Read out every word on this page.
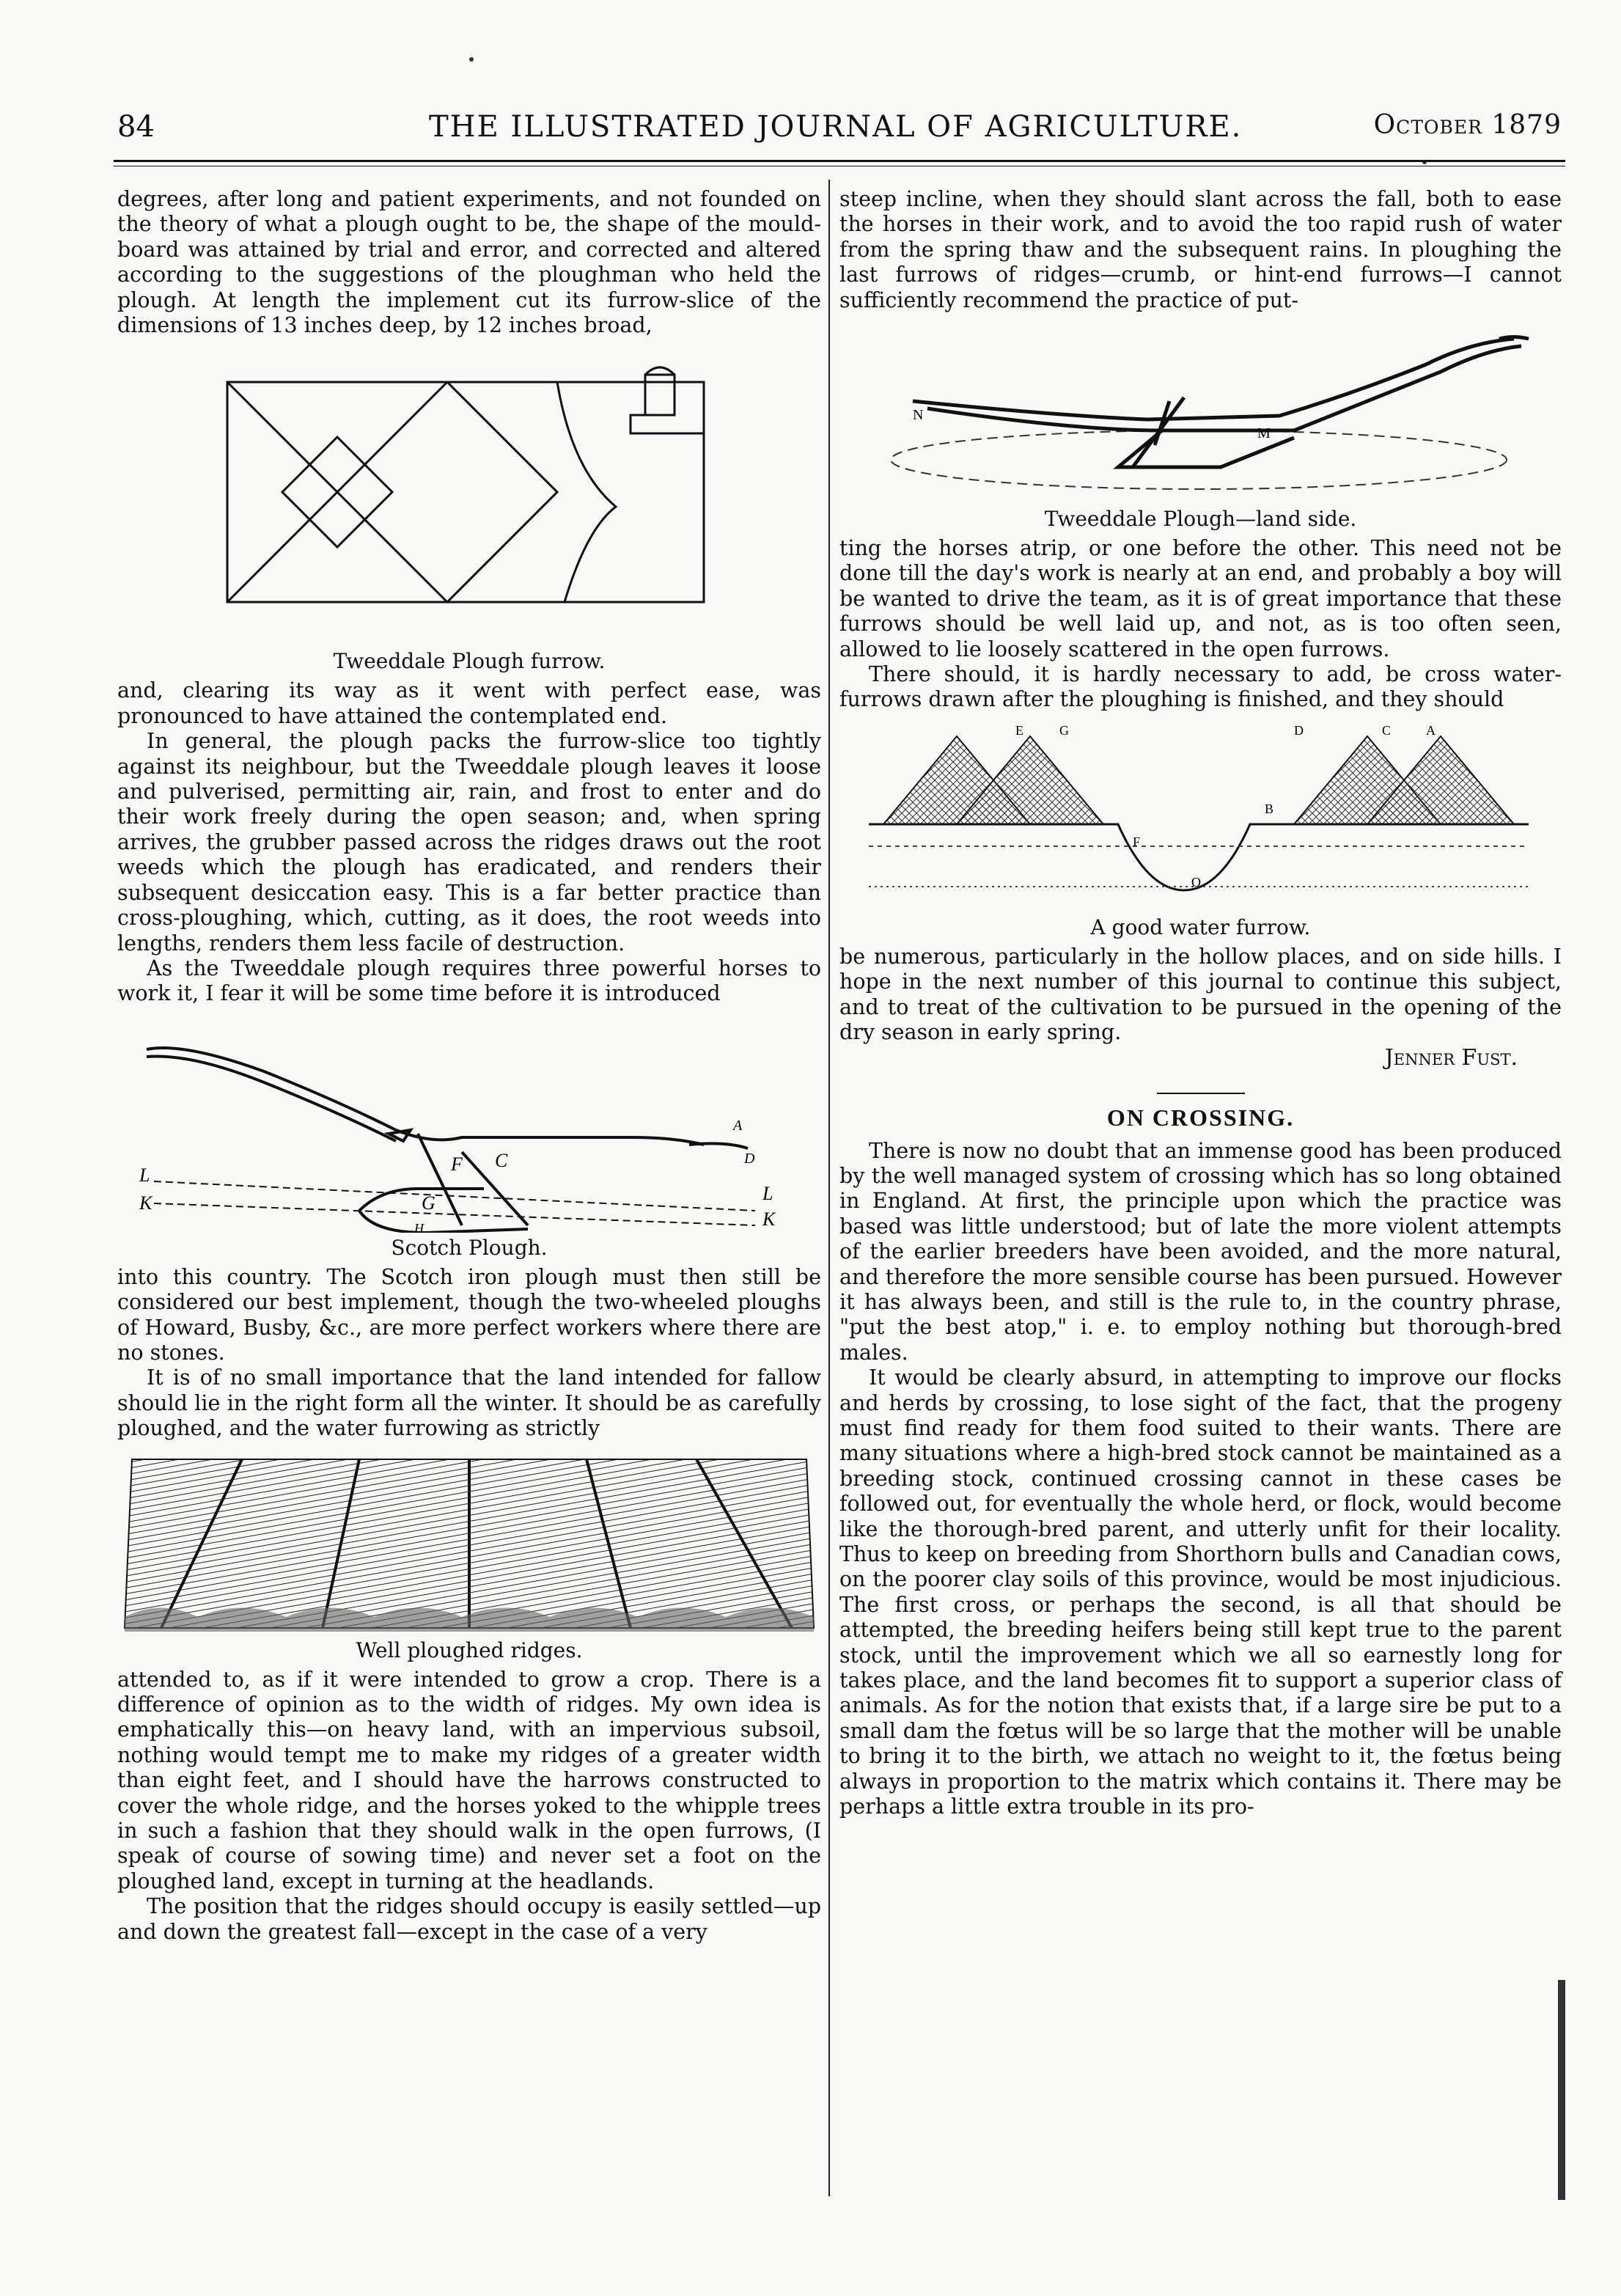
84	THE ILLUSTRATED JOURNAL OF AGRICULTURE.	October 1879

degrees, after long and patient experiments, and not founded on the theory of what a plough ought to be, the shape of the mould-board was attained by trial and error, and corrected and altered according to the suggestions of the ploughman who held the plough. At length the implement cut its furrow-slice of the dimensions of 13 inches deep, by 12 inches broad,

Tweeddale Plough furrow.

and, clearing its way as it went with perfect ease, was pronounced to have attained the contemplated end.

In general, the plough packs the furrow-slice too tightly against its neighbour, but the Tweeddale plough leaves it loose and pulverised, permitting air, rain, and frost to enter and do their work freely during the open season; and, when spring arrives, the grubber passed across the ridges draws out the root weeds which the plough has eradicated, and renders their subsequent desiccation easy. This is a far better practice than cross-ploughing, which, cutting, as it does, the root weeds into lengths, renders them less facile of destruction.

As the Tweeddale plough requires three powerful horses to work it, I fear it will be some time before it is introduced

L
K	G
H
F C
A
D
L
K
Scotch Plough.

into this country. The Scotch iron plough must then still be considered our best implement, though the two-wheeled ploughs of Howard, Busby, &c., are more perfect workers where there are no stones.

It is of no small importance that the land intended for fallow should lie in the right form all the winter. It should be as carefully ploughed, and the water furrowing as strictly

Well ploughed ridges.

attended to, as if it were intended to grow a crop. There is a difference of opinion as to the width of ridges. My own idea is emphatically this—on heavy land, with an impervious subsoil, nothing would tempt me to make my ridges of a greater width than eight feet, and I should have the harrows constructed to cover the whole ridge, and the horses yoked to the whipple trees in such a fashion that they should walk in the open furrows, (I speak of course of sowing time) and never set a foot on the ploughed land, except in turning at the headlands.

The position that the ridges should occupy is easily settled—up and down the greatest fall—except in the case of a very

steep incline, when they should slant across the fall, both to ease the horses in their work, and to avoid the too rapid rush of water from the spring thaw and the subsequent rains. In ploughing the last furrows of ridges—crumb, or hint-end furrows—I cannot sufficiently recommend the practice of put-

N
M
Tweeddale Plough—land side.

ting the horses atrip, or one before the other. This need not be done till the day's work is nearly at an end, and probably a boy will be wanted to drive the team, as it is of great importance that these furrows should be well laid up, and not, as is too often seen, allowed to lie loosely scattered in the open furrows.

There should, it is hardly necessary to add, be cross water-furrows drawn after the ploughing is finished, and they should

E	G	D	C	A
B
F
O
A good water furrow.

be numerous, particularly in the hollow places, and on side hills. I hope in the next number of this journal to continue this subject, and to treat of the cultivation to be pursued in the opening of the dry season in early spring.

Jenner Fust.

ON CROSSING.

There is now no doubt that an immense good has been produced by the well managed system of crossing which has so long obtained in England. At first, the principle upon which the practice was based was little understood; but of late the more violent attempts of the earlier breeders have been avoided, and the more natural, and therefore the more sensible course has been pursued. However it has always been, and still is the rule to, in the country phrase, "put the best atop," i. e. to employ nothing but thorough-bred males.

It would be clearly absurd, in attempting to improve our flocks and herds by crossing, to lose sight of the fact, that the progeny must find ready for them food suited to their wants. There are many situations where a high-bred stock cannot be maintained as a breeding stock, continued crossing cannot in these cases be followed out, for eventually the whole herd, or flock, would become like the thorough-bred parent, and utterly unfit for their locality. Thus to keep on breeding from Shorthorn bulls and Canadian cows, on the poorer clay soils of this province, would be most injudicious. The first cross, or perhaps the second, is all that should be attempted, the breeding heifers being still kept true to the parent stock, until the improvement which we all so earnestly long for takes place, and the land becomes fit to support a superior class of animals. As for the notion that exists that, if a large sire be put to a small dam the fœtus will be so large that the mother will be unable to bring it to the birth, we attach no weight to it, the fœtus being always in proportion to the matrix which contains it. There may be perhaps a little extra trouble in its pro-
